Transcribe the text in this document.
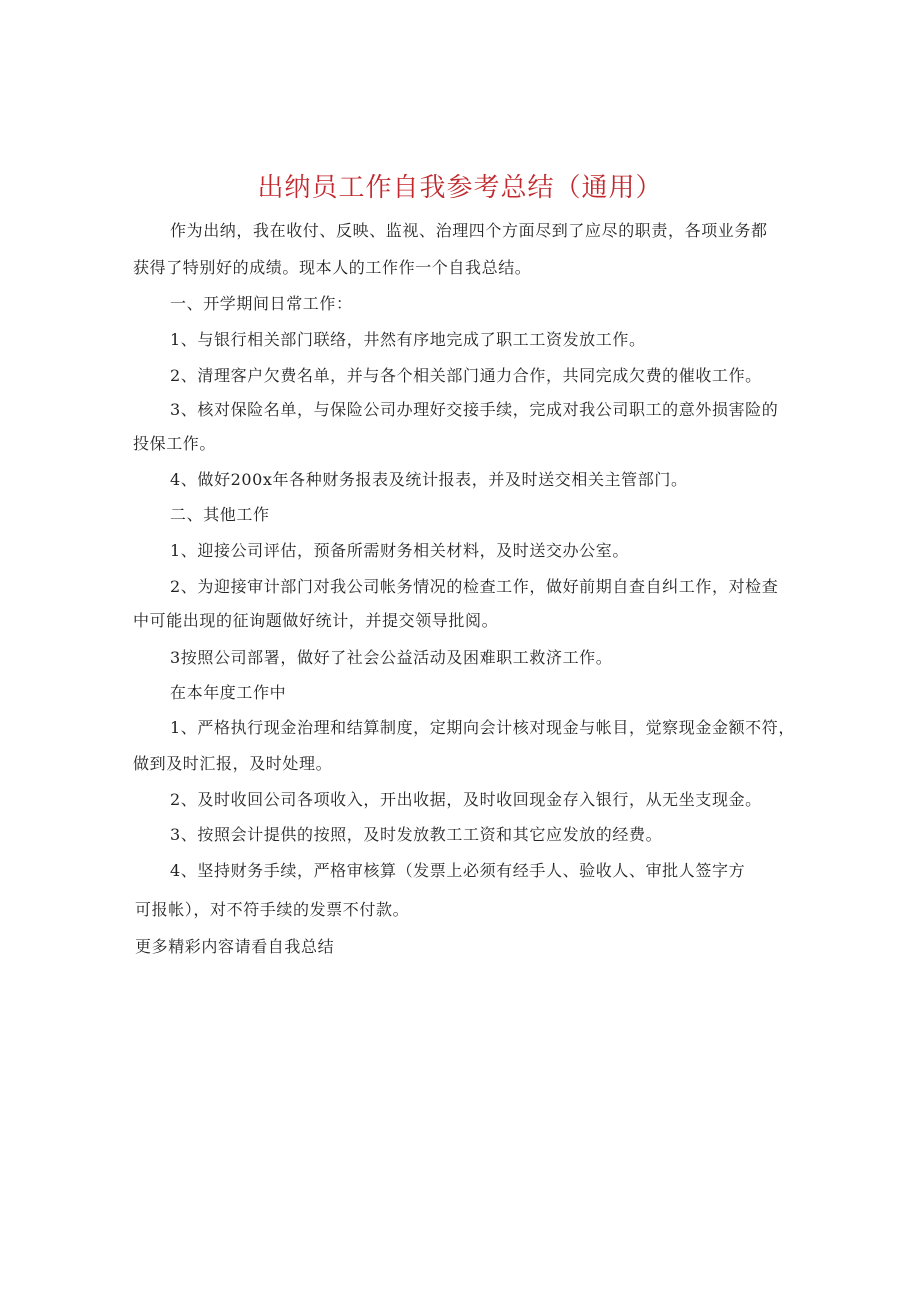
出纳员工作自我参考总结（通用）
作为出纳，我在收付、反映、监视、治理四个方面尽到了应尽的职责，各项业务都
获得了特别好的成绩。现本人的工作作一个自我总结。
一、开学期间日常工作：
1、与银行相关部门联络，井然有序地完成了职工工资发放工作。
2、清理客户欠费名单，并与各个相关部门通力合作，共同完成欠费的催收工作。
3、核对保险名单，与保险公司办理好交接手续，完成对我公司职工的意外损害险的
投保工作。
4、做好200x年各种财务报表及统计报表，并及时送交相关主管部门。
二、其他工作
1、迎接公司评估，预备所需财务相关材料，及时送交办公室。
2、为迎接审计部门对我公司帐务情况的检查工作，做好前期自查自纠工作，对检查
中可能出现的征询题做好统计，并提交领导批阅。
3按照公司部署，做好了社会公益活动及困难职工救济工作。
在本年度工作中
1、严格执行现金治理和结算制度，定期向会计核对现金与帐目，觉察现金金额不符，
做到及时汇报，及时处理。
2、及时收回公司各项收入，开出收据，及时收回现金存入银行，从无坐支现金。
3、按照会计提供的按照，及时发放教工工资和其它应发放的经费。
4、坚持财务手续，严格审核算（发票上必须有经手人、验收人、审批人签字方
可报帐），对不符手续的发票不付款。
更多精彩内容请看自我总结
